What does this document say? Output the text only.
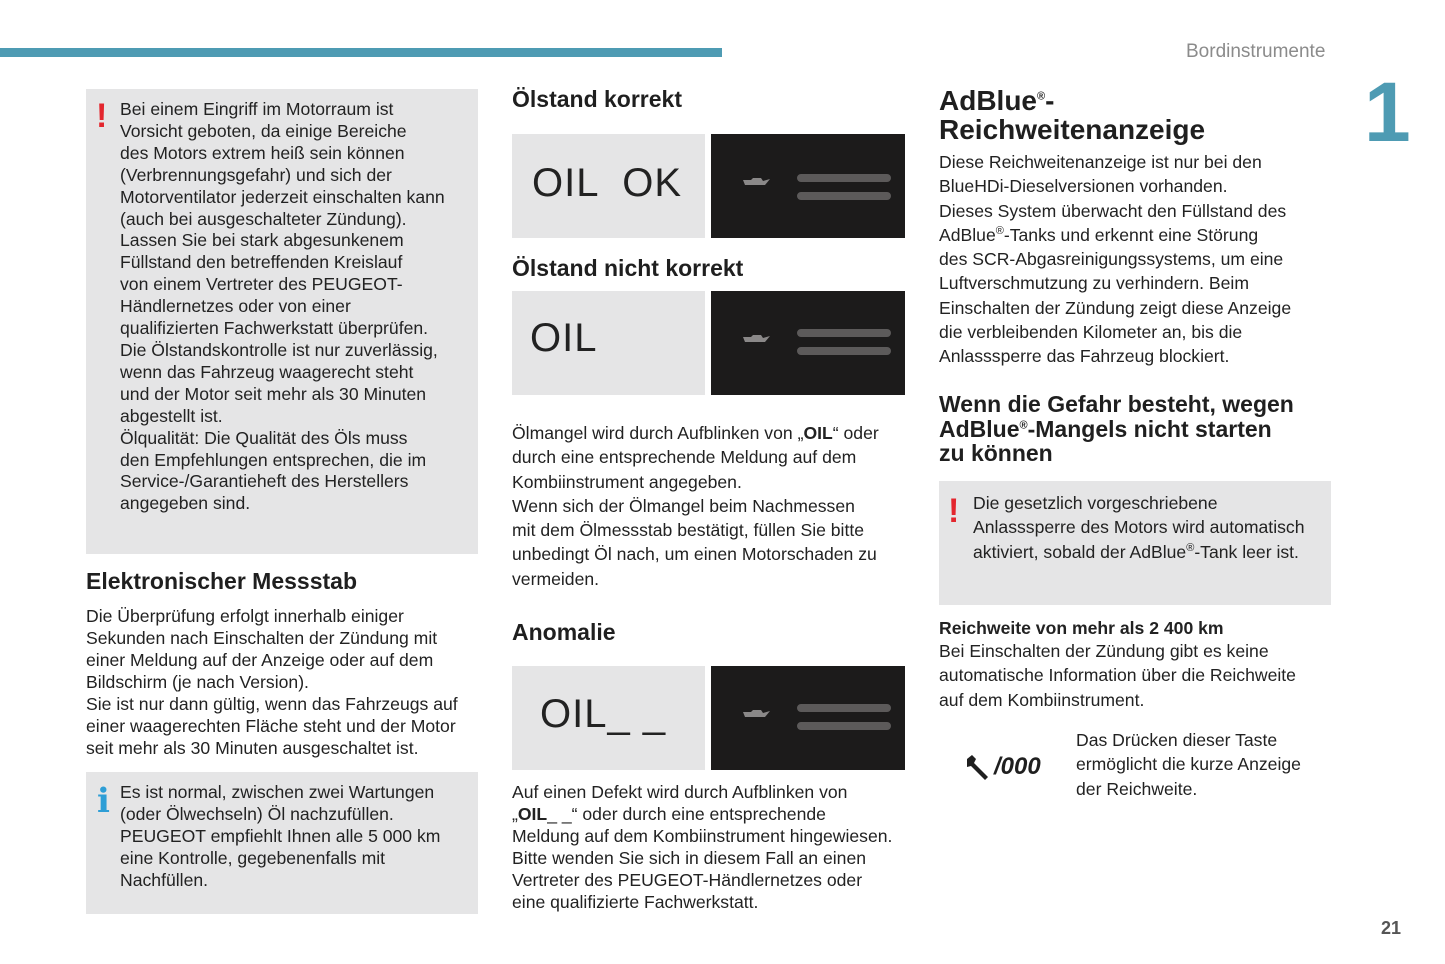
Bordinstrumente
1
21
! Bei einem Eingriff im Motorraum ist
Vorsicht geboten, da einige Bereiche
des Motors extrem heiß sein können
(Verbrennungsgefahr) und sich der
Motorventilator jederzeit einschalten kann
(auch bei ausgeschalteter Zündung).
Lassen Sie bei stark abgesunkenem
Füllstand den betreffenden Kreislauf
von einem Vertreter des PEUGEOT-
Händlernetzes oder von einer
qualifizierten Fachwerkstatt überprüfen.
Die Ölstandskontrolle ist nur zuverlässig,
wenn das Fahrzeug waagerecht steht
und der Motor seit mehr als 30 Minuten
abgestellt ist.
Ölqualität: Die Qualität des Öls muss
den Empfehlungen entsprechen, die im
Service-/Garantieheft des Herstellers
angegeben sind.
Elektronischer Messstab
Die Überprüfung erfolgt innerhalb einiger
Sekunden nach Einschalten der Zündung mit
einer Meldung auf der Anzeige oder auf dem
Bildschirm (je nach Version).
Sie ist nur dann gültig, wenn das Fahrzeugs auf
einer waagerechten Fläche steht und der Motor
seit mehr als 30 Minuten ausgeschaltet ist.
i Es ist normal, zwischen zwei Wartungen
(oder Ölwechseln) Öl nachzufüllen.
PEUGEOT empfiehlt Ihnen alle 5 000 km
eine Kontrolle, gegebenenfalls mit
Nachfüllen.
Ölstand korrekt
OIL  OK
Ölstand nicht korrekt
OIL
Ölmangel wird durch Aufblinken von „OIL“ oder
durch eine entsprechende Meldung auf dem
Kombiinstrument angegeben.
Wenn sich der Ölmangel beim Nachmessen
mit dem Ölmessstab bestätigt, füllen Sie bitte
unbedingt Öl nach, um einen Motorschaden zu
vermeiden.
Anomalie
OIL_ _
Auf einen Defekt wird durch Aufblinken von
„OIL_ _“ oder durch eine entsprechende
Meldung auf dem Kombiinstrument hingewiesen.
Bitte wenden Sie sich in diesem Fall an einen
Vertreter des PEUGEOT-Händlernetzes oder
eine qualifizierte Fachwerkstatt.
AdBlue®-
Reichweitenanzeige
Diese Reichweitenanzeige ist nur bei den
BlueHDi-Dieselversionen vorhanden.
Dieses System überwacht den Füllstand des
AdBlue®-Tanks und erkennt eine Störung
des SCR-Abgasreinigungssystems, um eine
Luftverschmutzung zu verhindern. Beim
Einschalten der Zündung zeigt diese Anzeige
die verbleibenden Kilometer an, bis die
Anlasssperre das Fahrzeug blockiert.
Wenn die Gefahr besteht, wegen
AdBlue®-Mangels nicht starten
zu können
! Die gesetzlich vorgeschriebene
Anlasssperre des Motors wird automatisch
aktiviert, sobald der AdBlue®-Tank leer ist.
Reichweite von mehr als 2 400 km
Bei Einschalten der Zündung gibt es keine
automatische Information über die Reichweite
auf dem Kombiinstrument.
/000
Das Drücken dieser Taste
ermöglicht die kurze Anzeige
der Reichweite.
